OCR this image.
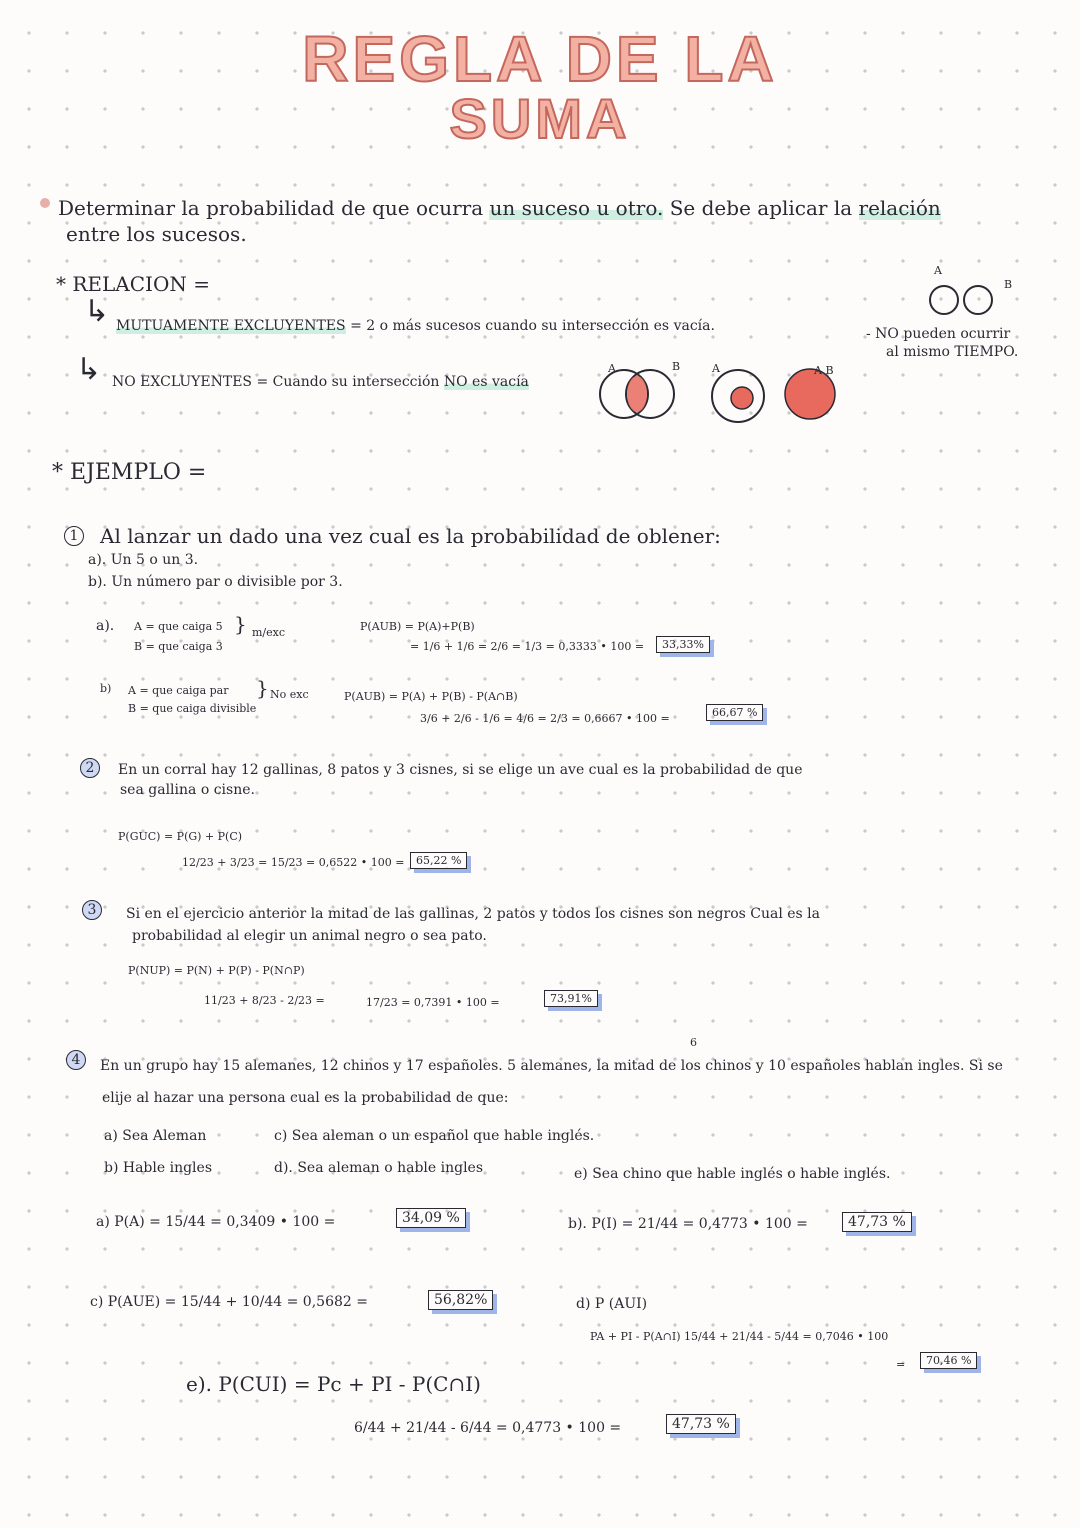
REGLA DE LA
SUMA
Determinar la probabilidad de que ocurra un suceso u otro. Se debe aplicar la relación
entre los sucesos.
* RELACION =
↳ MUTUAMENTE EXCLUYENTES = 2 o más sucesos cuando su intersección es vacía.	- NO pueden ocurrir
al mismo TIEMPO.
A
B
↳ NO EXCLUYENTES = Cuando su intersección NO es vacía
A	B	A	A B
* EJEMPLO =
1 Al lanzar un dado una vez cual es la probabilidad de oblener:
a). Un 5 o un 3.
b). Un número par o divisible por 3.
a). A = que caiga 5
B = que caiga 3
} m/exc	P(AUB) = P(A)+P(B)
= 1/6 + 1/6 = 2/6 = 1/3 = 0,3333 • 100 =	33,33%
b) A = que caiga par
B = que caiga divisible
} No exc	P(AUB) = P(A) + P(B) - P(A∩B)
3/6 + 2/6 - 1/6 = 4/6 = 2/3 = 0,6667 • 100 =	66,67 %
2	En un corral hay 12 gallinas, 8 patos y 3 cisnes, si se elige un ave cual es la probabilidad de que
sea gallina o cisne.
P(GUC) = P(G) + P(C)
12/23 + 3/23 = 15/23 = 0,6522 • 100 =	65,22 %
3	Si en el ejercicio anterior la mitad de las gallinas, 2 patos y todos los cisnes son negros Cual es la
probabilidad al elegir un animal negro o sea pato.
P(NUP) = P(N) + P(P) - P(N∩P)
11/23 + 8/23 - 2/23 =	17/23 = 0,7391 • 100 =	73,91%
6
4	En un grupo hay 15 alemanes, 12 chinos y 17 españoles. 5 alemanes, la mitad de los chinos y 10 españoles hablan ingles. Si se
elije al hazar una persona cual es la probabilidad de que:
a) Sea Aleman
b) Hable ingles
c) Sea aleman o un español que hable inglés.
d). Sea aleman o hable ingles	e) Sea chino que hable inglés o hable inglés.
a) P(A) = 15/44 = 0,3409 • 100 =	34,09 %	b). P(I) = 21/44 = 0,4773 • 100 =	47,73 %
c) P(AUE) = 15/44 + 10/44 = 0,5682 =	56,82%	d) P (AUI)
PA + PI - P(A∩I) 15/44 + 21/44 - 5/44 = 0,7046 • 100
=	70,46 %
e). P(CUI) = Pc + PI - P(C∩I)
6/44 + 21/44 - 6/44 = 0,4773 • 100 =	47,73 %
